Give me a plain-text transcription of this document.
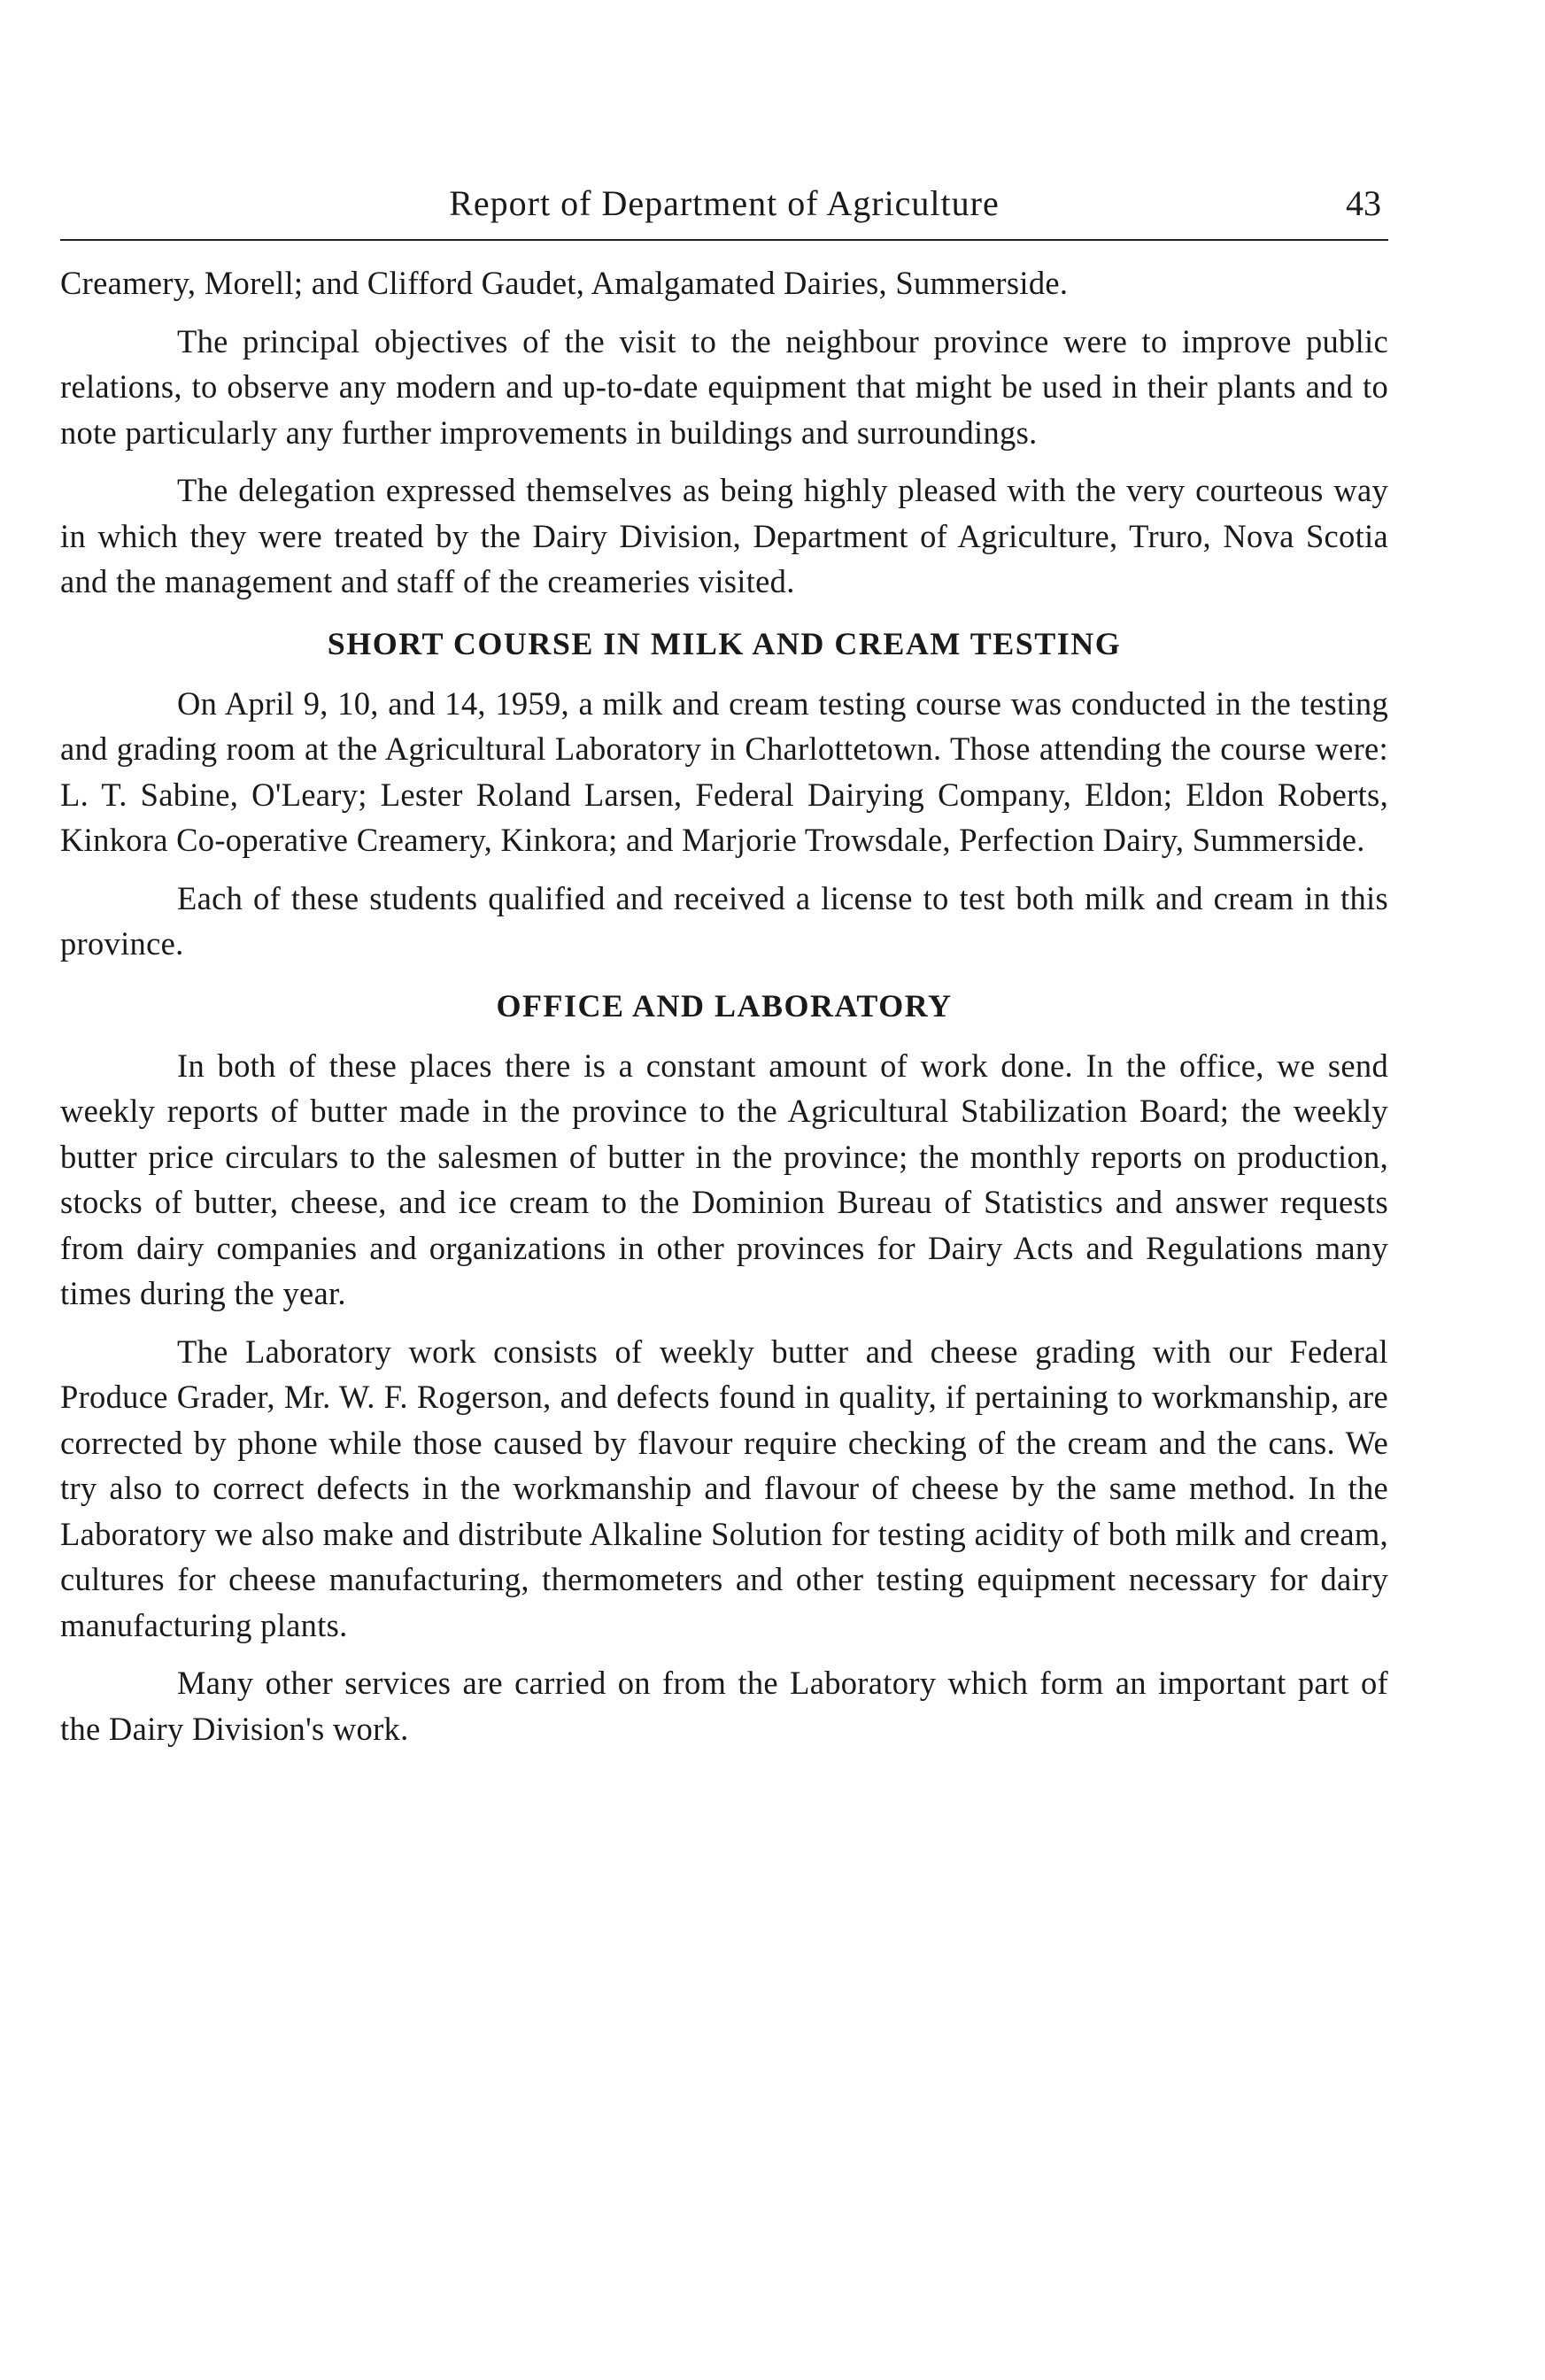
Report of Department of Agriculture	43

Creamery, Morell; and Clifford Gaudet, Amalgamated Dairies, Summerside.

The principal objectives of the visit to the neighbour province were to improve public relations, to observe any modern and up-to-date equipment that might be used in their plants and to note particularly any further improvements in buildings and surroundings.

The delegation expressed themselves as being highly pleased with the very courteous way in which they were treated by the Dairy Division, Department of Agriculture, Truro, Nova Scotia and the management and staff of the creameries visited.

SHORT COURSE IN MILK AND CREAM TESTING

On April 9, 10, and 14, 1959, a milk and cream testing course was conducted in the testing and grading room at the Agricultural Laboratory in Charlottetown. Those attending the course were: L. T. Sabine, O'Leary; Lester Roland Larsen, Federal Dairying Company, Eldon; Eldon Roberts, Kinkora Co-operative Creamery, Kinkora; and Marjorie Trowsdale, Perfection Dairy, Summerside.

Each of these students qualified and received a license to test both milk and cream in this province.

OFFICE AND LABORATORY

In both of these places there is a constant amount of work done. In the office, we send weekly reports of butter made in the province to the Agricultural Stabilization Board; the weekly butter price circulars to the salesmen of butter in the province; the monthly reports on production, stocks of butter, cheese, and ice cream to the Dominion Bureau of Statistics and answer requests from dairy companies and organizations in other provinces for Dairy Acts and Regulations many times during the year.

The Laboratory work consists of weekly butter and cheese grading with our Federal Produce Grader, Mr. W. F. Rogerson, and defects found in quality, if pertaining to workmanship, are corrected by phone while those caused by flavour require checking of the cream and the cans. We try also to correct defects in the workmanship and flavour of cheese by the same method. In the Laboratory we also make and distribute Alkaline Solution for testing acidity of both milk and cream, cultures for cheese manufacturing, thermometers and other testing equipment necessary for dairy manufacturing plants.

Many other services are carried on from the Laboratory which form an important part of the Dairy Division's work.
